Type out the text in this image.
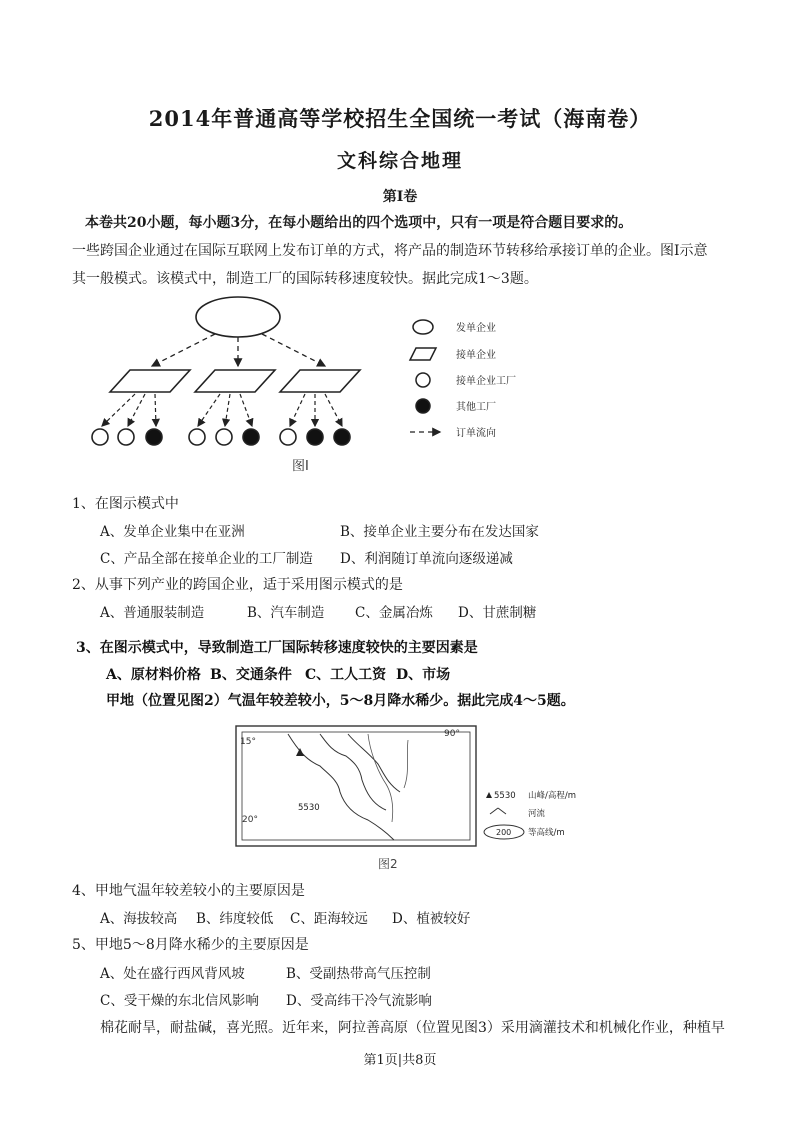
2014年普通高等学校招生全国统一考试（海南卷）
文科综合地理
第Ⅰ卷
本卷共20小题，每小题3分，在每小题给出的四个选项中，只有一项是符合题目要求的。
一些跨国企业通过在国际互联网上发布订单的方式，将产品的制造环节转移给承接订单的企业。图Ⅰ示意
其一般模式。该模式中，制造工厂的国际转移速度较快。据此完成1～3题。
图Ⅰ
发单企业
接单企业
接单企业工厂
其他工厂
订单流向
1、在图示模式中
A、发单企业集中在亚洲	B、接单企业主要分布在发达国家
C、产品全部在接单企业的工厂制造 D、利润随订单流向逐级递减
2、从事下列产业的跨国企业，适于采用图示模式的是
A、普通服装制造	B、汽车制造 C、金属冶炼 D、甘蔗制糖
3、在图示模式中，导致制造工厂国际转移速度较快的主要因素是
A、原材料价格 B、交通条件 C、工人工资 D、市场
甲地（位置见图2）气温年较差较小，5～8月降水稀少。据此完成4～5题。
15°
20°
90°
5530
图2
5530 山峰/高程/m
河流
200 等高线/m
4、甲地气温年较差较小的主要原因是
A、海拔较高 B、纬度较低 C、距海较远 D、植被较好
5、甲地5～8月降水稀少的主要原因是
A、处在盛行西风背风坡	B、受副热带高气压控制
C、受干燥的东北信风影响 D、受高纬干冷气流影响
棉花耐旱，耐盐碱，喜光照。近年来，阿拉善高原（位置见图3）采用滴灌技术和机械化作业，种植早
第1页|共8页
